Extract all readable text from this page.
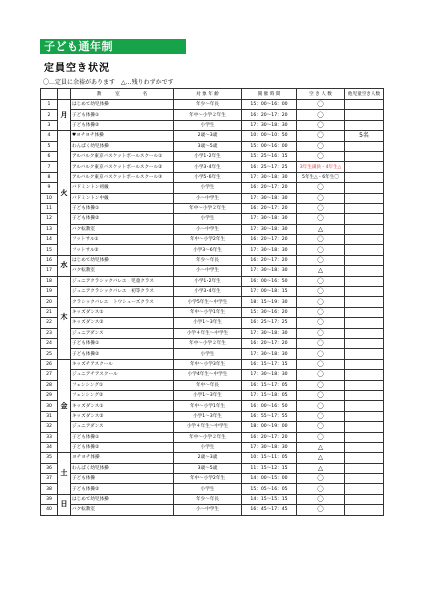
子ども通年制
定員空き状況
〇…定員に余裕があります　△…残りわずかです
		教　　　室　　　　　名	対 象 年 齢	開 催 時 間	空 き 人 数	他児童空き人数
1	月	はじめて幼児体操	年少～年長	15：00～16：00	〇	
2		子ども体操①	年中～小学２年生	16：20～17：20	〇	
3		子ども体操②	小学生	17：30～18：30	〇	
4	火	♥ヨチヨチ体操	2歳～3歳	10：00～10：50	〇	5名
5		わんぱく幼児体操	3歳～5歳	15：00～16：00	〇	
6		アルバルク東京バスケットボールスクール①	小学1･2年生	15：25～16：15	〇	
7		アルバルク東京バスケットボールスクール②	小学3･4年生	16：25～17：25	3年生満員・4年生△	
8		アルバルク東京バスケットボールスクール③	小学5･6年生	17：30～18：30	5年生△・6年生〇	
9		バドミントン初級	小学生	16：20～17：20	〇	
10		バドミントン中級	小～中学生	17：30～18：30	〇	
11		子ども体操①	年中～小学２年生	16：20～17：20	〇	
12		子ども体操②	小学生	17：30～18：30	〇	
13		バク転教室	小～中学生	17：30～18：30	△	
14		フットサル①	年中～小学2年生	16：20～17：20	〇	
15		フットサル②	小学3～6年生	17：30～18：30	〇	
16	水	はじめて幼児体操	年少～年長	16：20～17：20	〇	
17		バク転教室	小～中学生	17：30～18：30	△	
18	木	ジュニアクラシックバレエ　児童クラス	小学1･2年生	16：00～16：50	〇	
19		ジュニアクラシックバレエ　初等クラス	小学3･4年生	17：00～18：15	〇	
20		クラシックバレエ　トウシューズクラス	小学5年生～中学生	18：15～19：30	〇	
21		キッズダンス①	年中～小学1年生	15：30～16：20	〇	
22		キッズダンス②	小学1～3年生	16：25～17：25	〇	
23		ジュニアダンス	小学４年生～中学生	17：30～18：30	〇	
24		子ども体操①	年中～小学２年生	16：20～17：20	〇	
25		子ども体操②	小学生	17：30～18：30	〇	
26	金	キッズチアスクール	年中～小学3年生	16：15～17：15	〇	
27		ジュニアチアスクール	小学4年生～中学生	17：30～18：30	〇	
28		フェンシング①	年中～年長	16：15～17：05	〇	
29		フェンシング②	小学1～3年生	17：15～18：05	〇	
30		キッズダンス①	年中～小学1年生	16：00～16：50	〇	
31		キッズダンス②	小学1～3年生	16：55～17：55	〇	
32		ジュニアダンス	小学４年生～中学生	18：00～19：00	〇	
33		子ども体操①	年中～小学２年生	16：20～17：20	〇	
34		子ども体操②	小学生	17：30～18：30	△	
35	土	ヨチヨチ体操	2歳～3歳	10：15～11：05	△	
36		わんぱく幼児体操	3歳～5歳	11：15～12：15	△	
37		子ども体操	年中～小学2年生	14：00～15：00	〇	
38		子ども体操②	小学生	15：05～16：05	〇	
39	日	はじめて幼児体操	年少～年長	14：15～15：15	〇	
40		バク転教室	小～中学生	16：45～17：45	〇	
